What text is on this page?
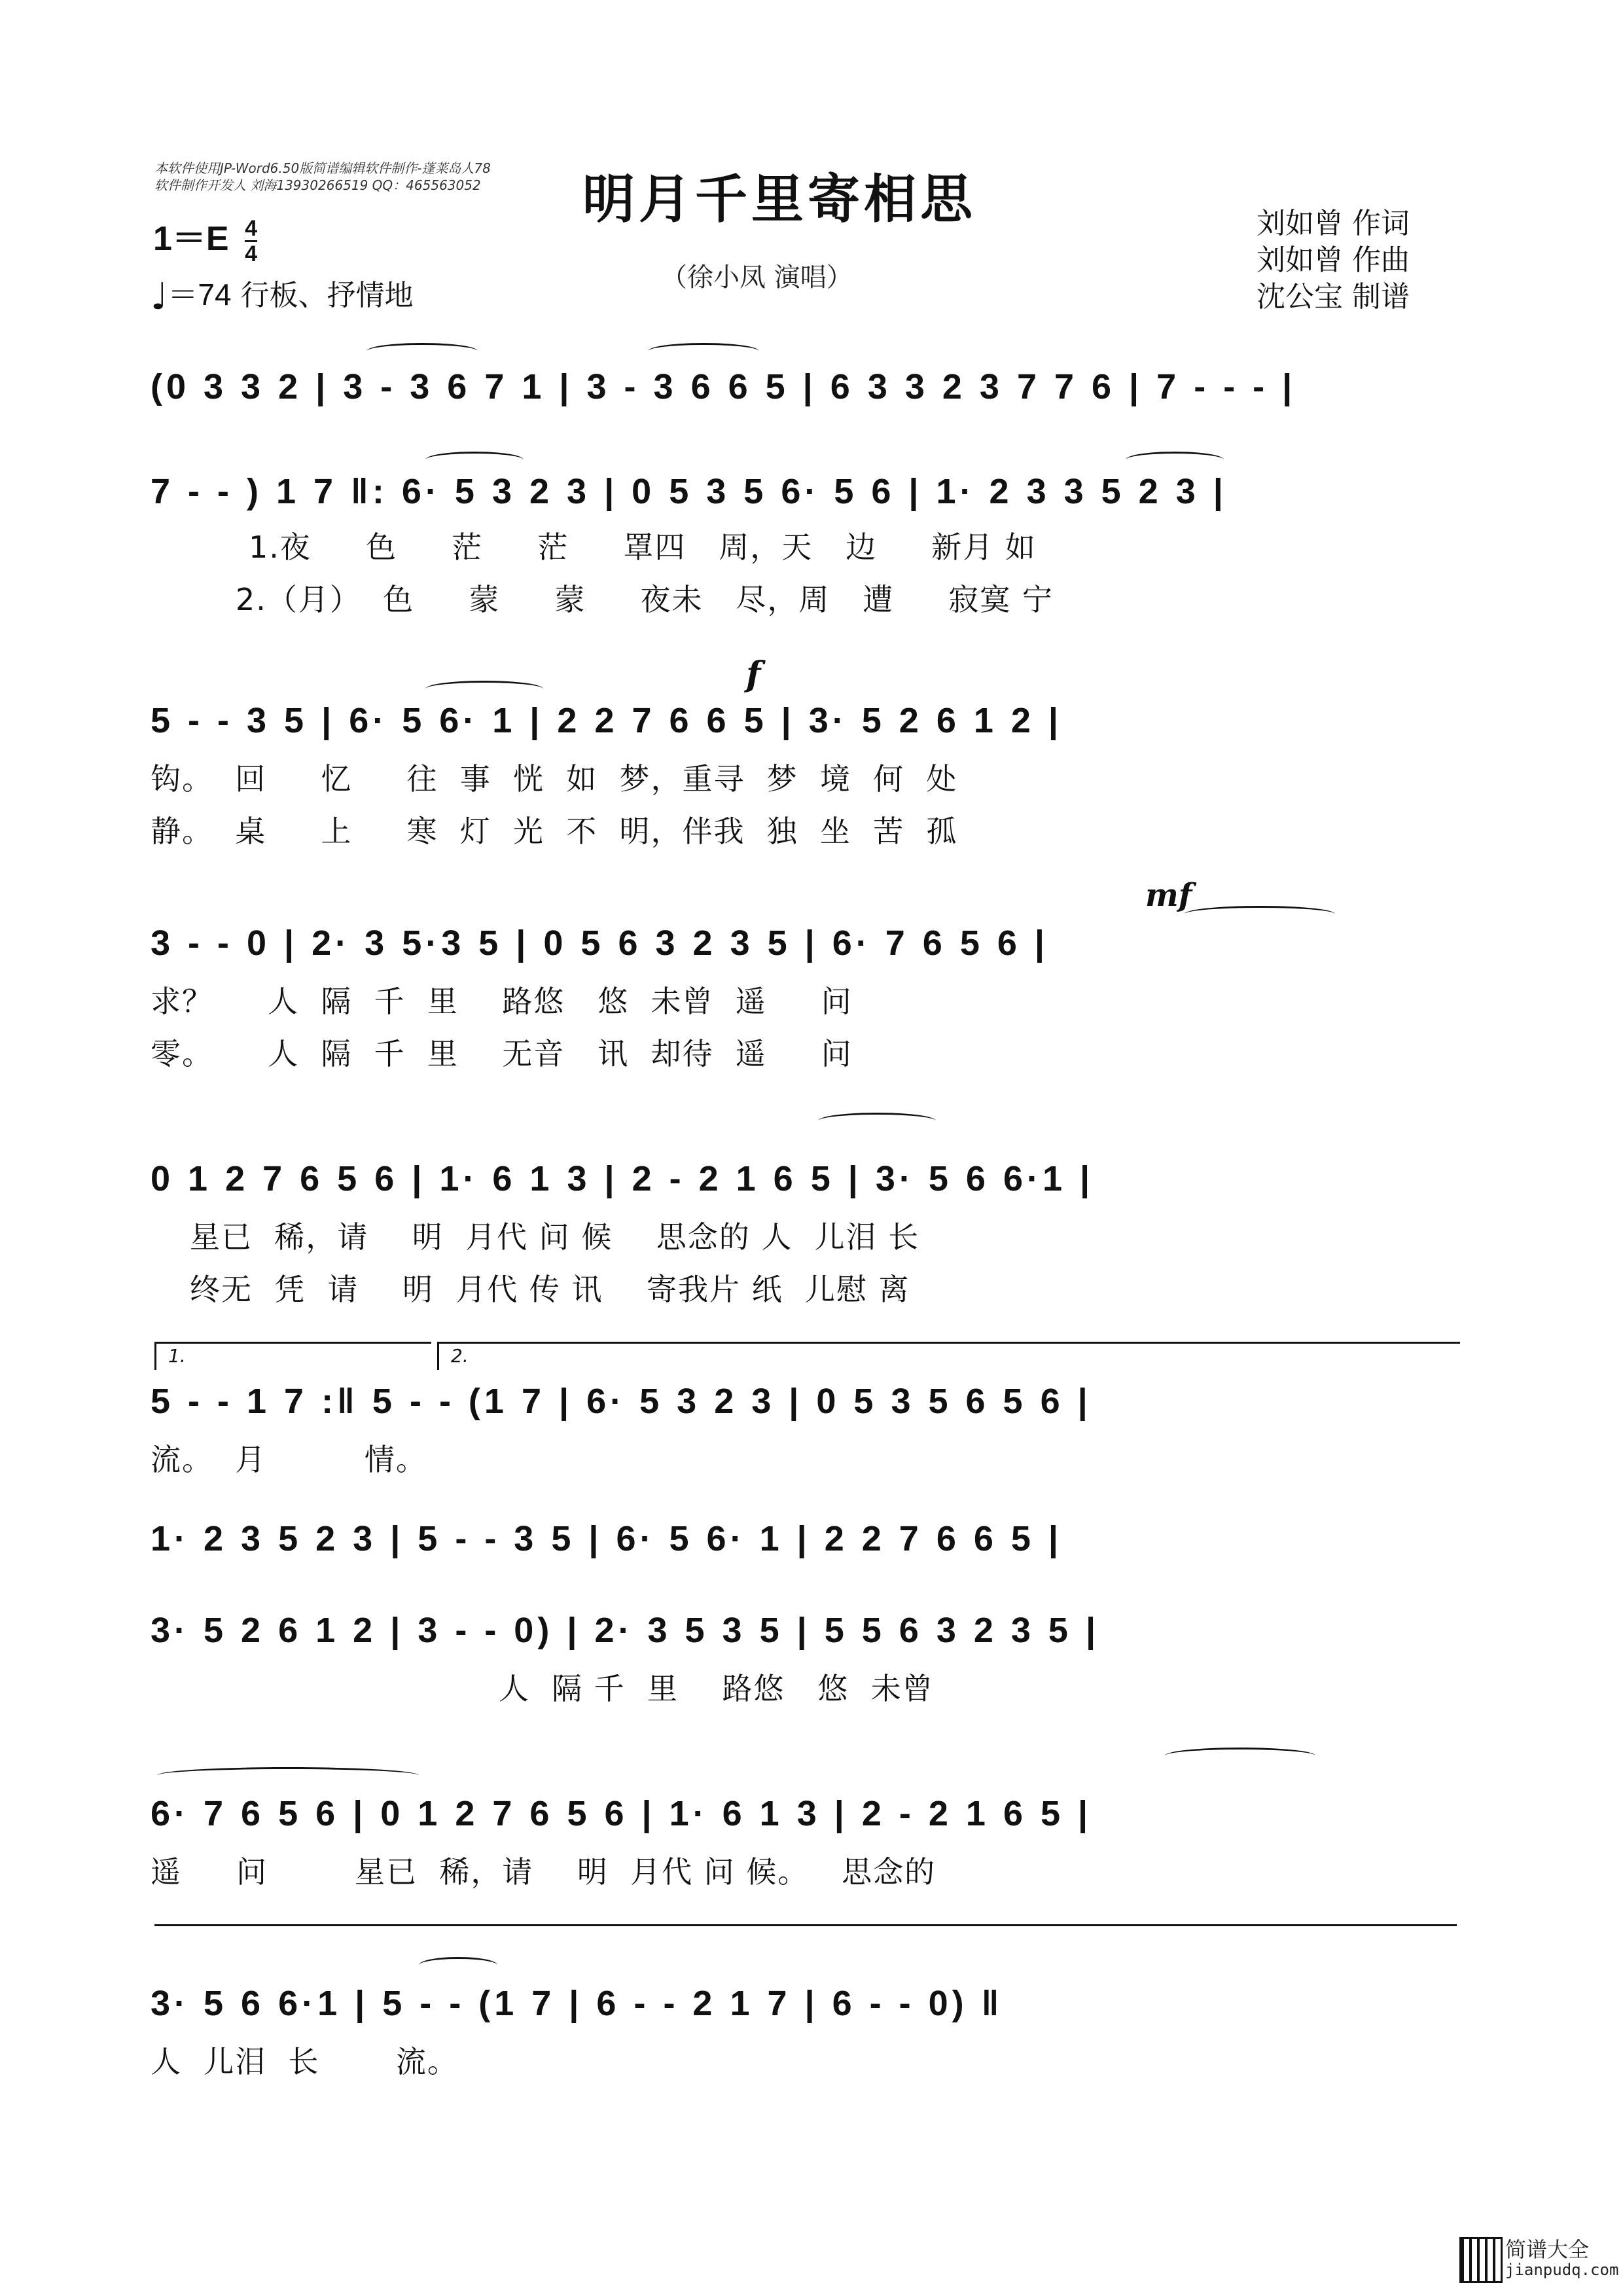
本软件使用JP-Word6.50版简谱编辑软件制作-蓬莱岛人78
软件制作开发人 刘海13930266519 QQ：465563052 明月千里寄相思
（徐小凤 演唱）
刘如曾 作词
刘如曾 作曲
沈公宝 制谱
$1=E \frac{4}{4}$
♩＝74 行板、抒情地
(0 3 3 2 | 3 - 3 6 7 1 | 3 - 3 6 6 5 | 6 3 3 2 3 7 7 6 | 7 - - - |
7 - - ) 1 7 ‖: 6· 5 3 2 3 | 0 5 3 5 6· 5 6 | 1· 2 3 3 5 2 3 |
1.夜     色     茫     茫     罩四   周，天   边     新月 如
2.（月）  色     蒙     蒙     夜未   尽，周   遭     寂寞 宁
5 - - 3 5 | 6· 5 6· 1 | 2 2 7 6 6 5 | 3· 5 2 6 1 2 |
钩。  回     忆     往  事  恍  如  梦，重寻  梦  境  何  处
静。  桌     上     寒  灯  光  不  明，伴我  独  坐  苦  孤
f
3 - - 0 | 2· 3 5·3 5 | 0 5 6 3 2 3 5 | 6· 7 6 5 6 |
求？     人  隔  千  里    路悠   悠  未曾  遥     问
零。     人  隔  千  里    无音   讯  却待  遥     问
mf
0 1 2 7 6 5 6 | 1· 6 1 3 | 2 - 2 1 6 5 | 3· 5 6 6·1 |
星已  稀，请    明  月代 问 候    思念的 人  儿泪 长
终无  凭  请    明  月代 传 讯    寄我片 纸  儿慰 离
1.	2.
5 - - 1 7 :‖ 5 - - (1 7 | 6· 5 3 2 3 | 0 5 3 5 6 5 6 |
流。  月         情。
1· 2 3 5 2 3 | 5 - - 3 5 | 6· 5 6· 1 | 2 2 7 6 6 5 |
3· 5 2 6 1 2 | 3 - - 0) | 2· 3 5 3 5 | 5 5 6 3 2 3 5 |
人  隔 千  里    路悠   悠  未曾
6· 7 6 5 6 | 0 1 2 7 6 5 6 | 1· 6 1 3 | 2 - 2 1 6 5 |
遥     问        星已  稀，请    明  月代 问 候。   思念的
3· 5 6 6·1 | 5 - - (1 7 | 6 - - 2 1 7 | 6 - - 0) ‖
人  儿泪  长       流。
简谱大全
jianpudq.com
